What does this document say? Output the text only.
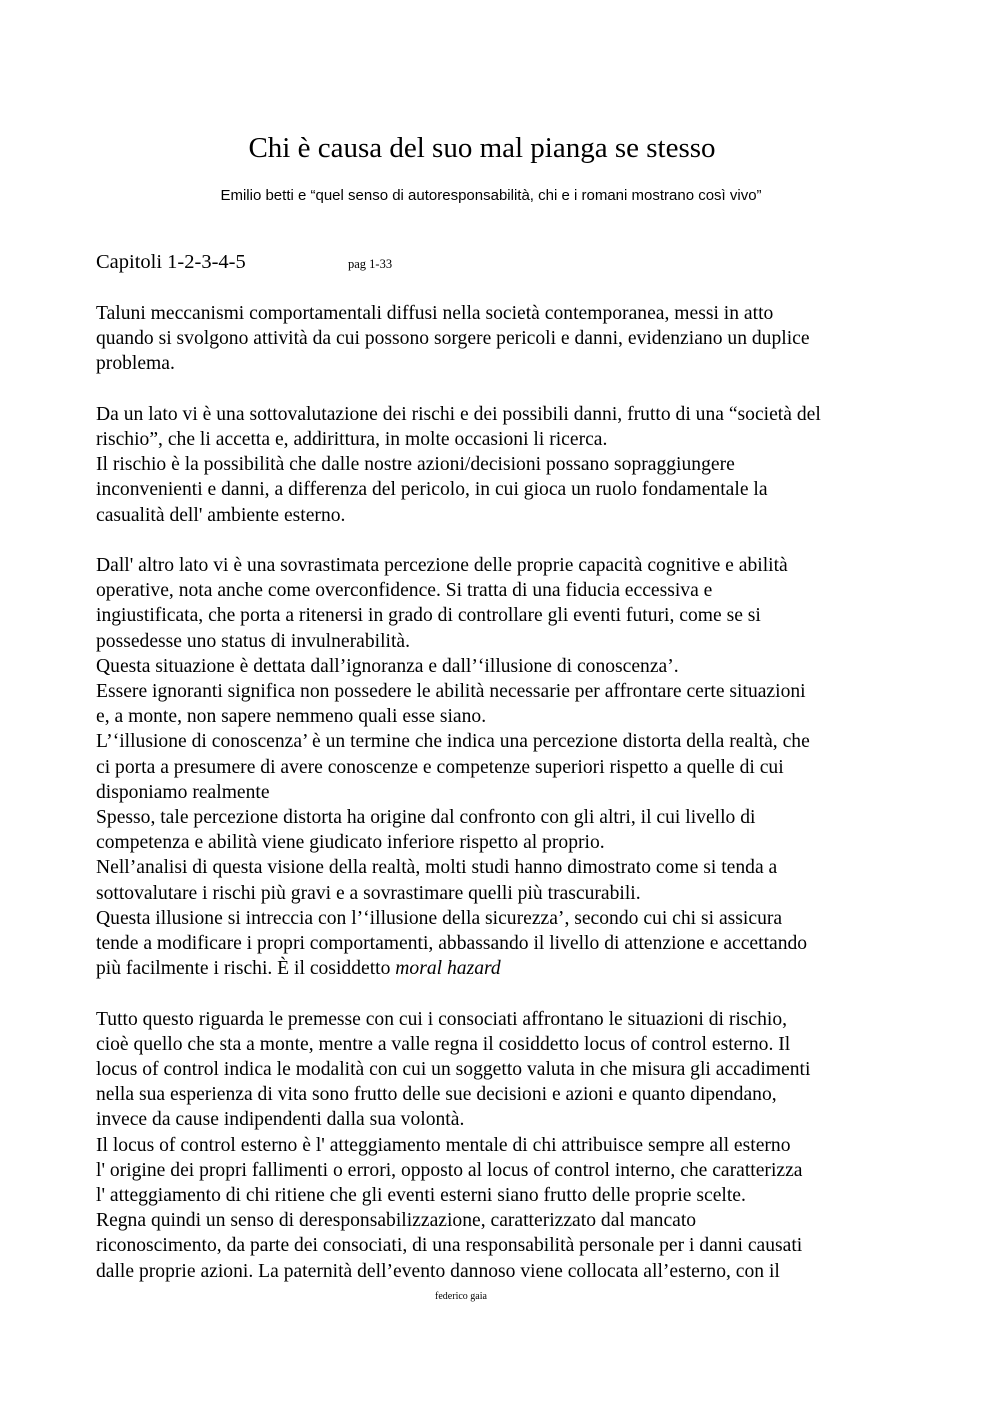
Chi è causa del suo mal pianga se stesso

Emilio betti e “quel senso di autoresponsabilità, chi e i romani mostrano così vivo”

Capitoli 1-2-3-4-5	pag 1-33

Taluni meccanismi comportamentali diffusi nella società contemporanea, messi in atto
quando si svolgono attività da cui possono sorgere pericoli e danni, evidenziano un duplice
problema.

Da un lato vi è una sottovalutazione dei rischi e dei possibili danni, frutto di una “società del
rischio”, che li accetta e, addirittura, in molte occasioni li ricerca.
Il rischio è la possibilità che dalle nostre azioni/decisioni possano sopraggiungere
inconvenienti e danni, a differenza del pericolo, in cui gioca un ruolo fondamentale la
casualità dell' ambiente esterno.

Dall' altro lato vi è una sovrastimata percezione delle proprie capacità cognitive e abilità
operative, nota anche come overconfidence. Si tratta di una fiducia eccessiva e
ingiustificata, che porta a ritenersi in grado di controllare gli eventi futuri, come se si
possedesse uno status di invulnerabilità.
Questa situazione è dettata dall’ignoranza e dall’‘illusione di conoscenza’.
Essere ignoranti significa non possedere le abilità necessarie per affrontare certe situazioni
e, a monte, non sapere nemmeno quali esse siano.
L’‘illusione di conoscenza’ è un termine che indica una percezione distorta della realtà, che
ci porta a presumere di avere conoscenze e competenze superiori rispetto a quelle di cui
disponiamo realmente
Spesso, tale percezione distorta ha origine dal confronto con gli altri, il cui livello di
competenza e abilità viene giudicato inferiore rispetto al proprio.
Nell’analisi di questa visione della realtà, molti studi hanno dimostrato come si tenda a
sottovalutare i rischi più gravi e a sovrastimare quelli più trascurabili.
Questa illusione si intreccia con l’‘illusione della sicurezza’, secondo cui chi si assicura
tende a modificare i propri comportamenti, abbassando il livello di attenzione e accettando
più facilmente i rischi. È il cosiddetto moral hazard

Tutto questo riguarda le premesse con cui i consociati affrontano le situazioni di rischio,
cioè quello che sta a monte, mentre a valle regna il cosiddetto locus of control esterno. Il
locus of control indica le modalità con cui un soggetto valuta in che misura gli accadimenti
nella sua esperienza di vita sono frutto delle sue decisioni e azioni e quanto dipendano,
invece da cause indipendenti dalla sua volontà.
Il locus of control esterno è l' atteggiamento mentale di chi attribuisce sempre all esterno
l' origine dei propri fallimenti o errori, opposto al locus of control interno, che caratterizza
l' atteggiamento di chi ritiene che gli eventi esterni siano frutto delle proprie scelte.
Regna quindi un senso di deresponsabilizzazione, caratterizzato dal mancato
riconoscimento, da parte dei consociati, di una responsabilità personale per i danni causati
dalle proprie azioni. La paternità dell’evento dannoso viene collocata all’esterno, con il

federico gaia
